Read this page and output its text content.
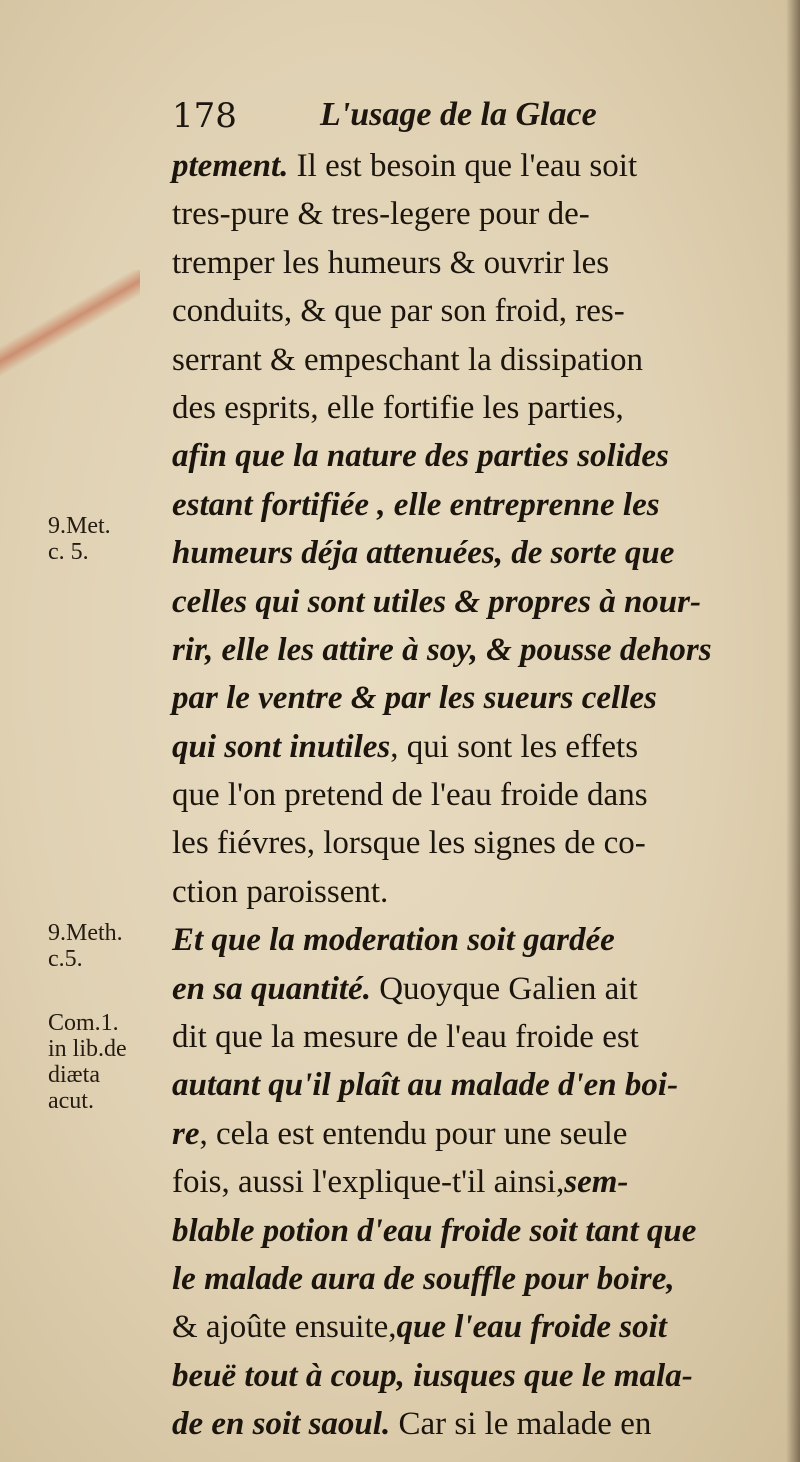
178 L'usage de la Glace
ptement. Il est besoin que l'eau soit
tres-pure & tres-legere pour de-
tremper les humeurs & ouvrir les
conduits, & que par son froid, res-
serrant & empeschant la dissipation
des esprits, elle fortifie les parties,
afin que la nature des parties solides
estant fortifiée , elle entreprenne les
humeurs déja attenuées, de sorte que
celles qui sont utiles & propres à nour-
rir, elle les attire à soy, & pousse dehors
par le ventre & par les sueurs celles
qui sont inutiles, qui sont les effets
que l'on pretend de l'eau froide dans
les fiévres, lorsque les signes de co-
ction paroissent.
Et que la moderation soit gardée
en sa quantité. Quoyque Galien ait
dit que la mesure de l'eau froide est
autant qu'il plaît au malade d'en boi-
re, cela est entendu pour une seule
fois, aussi l'explique-t'il ainsi,sem-
blable potion d'eau froide soit tant que
le malade aura de souffle pour boire,
& ajoûte ensuite,que l'eau froide soit
beuë tout à coup, iusques que le mala-
de en soit saoul. Car si le malade en
9.Met.
c. 5.
9.Meth.
c.5.
Com.1.
in lib.de
diæta
acut.
